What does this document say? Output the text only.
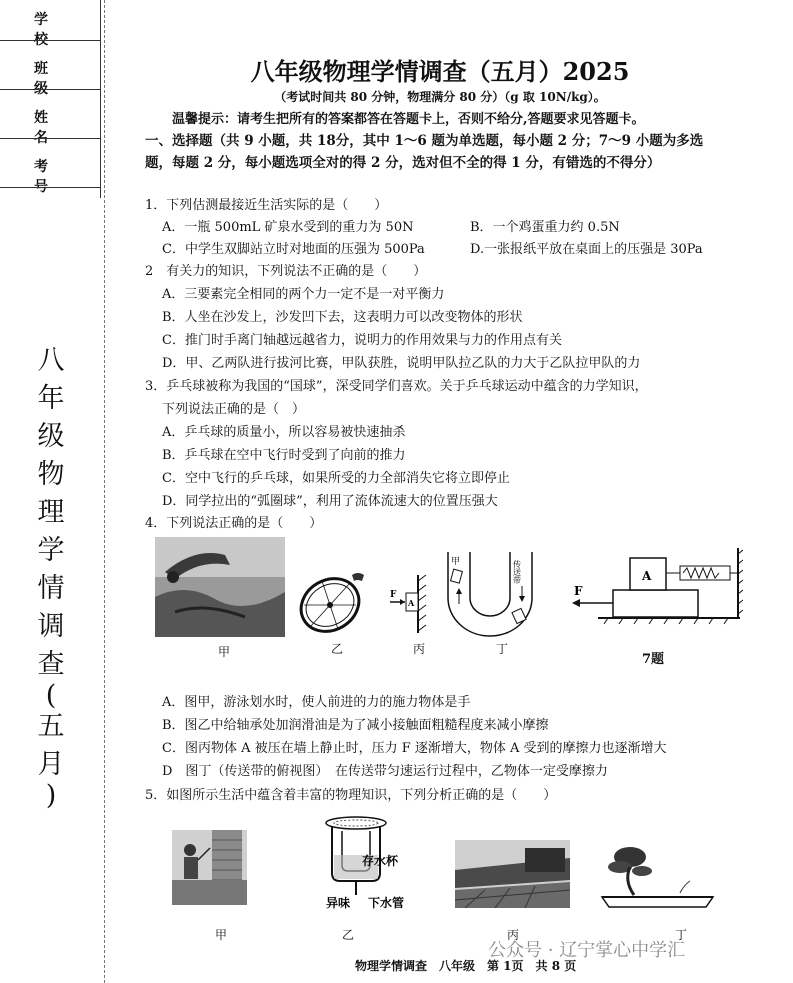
学 校
班 级
姓 名
考 号
八
年
级
物
理
学
情
调
查
(
五
月
)
八年级物理学情调查（五月）2025
（考试时间共 80 分钟，物理满分 80 分）（g 取 10N/kg）。
温馨提示：请考生把所有的答案都答在答题卡上，否则不给分,答题要求见答题卡。
一、选择题（共 9 小题，共 18分，其中 1～6 题为单选题，每小题 2 分；7～9 小题为多选
题，每题 2 分，每小题选项全对的得 2 分，选对但不全的得 1 分，有错选的不得分）
1．下列估测最接近生活实际的是（　　）
A．一瓶 500mL 矿泉水受到的重力为 50N	B．一个鸡蛋重力约 0.5N
C．中学生双脚站立时对地面的压强为 500Pa	D.一张报纸平放在桌面上的压强是 30Pa
2　有关力的知识，下列说法不正确的是（　　）
A．三要素完全相同的两个力一定不是一对平衡力
B．人坐在沙发上，沙发凹下去，这表明力可以改变物体的形状
C．推门时手离门轴越远越省力，说明力的作用效果与力的作用点有关
D．甲、乙两队进行拔河比赛，甲队获胜，说明甲队拉乙队的力大于乙队拉甲队的力
3．乒乓球被称为我国的“国球”，深受同学们喜欢。关于乒乓球运动中蕴含的力学知识，
下列说法正确的是（　）
A．乒乓球的质量小，所以容易被快速抽杀
B．乒乓球在空中飞行时受到了向前的推力
C．空中飞行的乒乓球，如果所受的力全部消失它将立即停止
D．同学拉出的“弧圈球”，利用了流体流速大的位置压强大
4．下列说法正确的是（　　）
甲	乙
F
A
丙
甲	传送带
丁
A
F
7题
A．图甲，游泳划水时，使人前进的力的施力物体是手
B．图乙中给轴承处加润滑油是为了减小接触面粗糙程度来减小摩擦
C．图丙物体 A 被压在墙上静止时，压力 F 逐渐增大，物体 A 受到的摩擦力也逐渐增大
D　图丁（传送带的俯视图）　在传送带匀速运行过程中，乙物体一定受摩擦力
5．如图所示生活中蕴含着丰富的物理知识，下列分析正确的是（　　）
甲
存水杯
异味 下水管
乙	丙	丁
公众号 · 辽宁掌心中学汇
物理学情调查　八年级　第 1页　共 8 页
